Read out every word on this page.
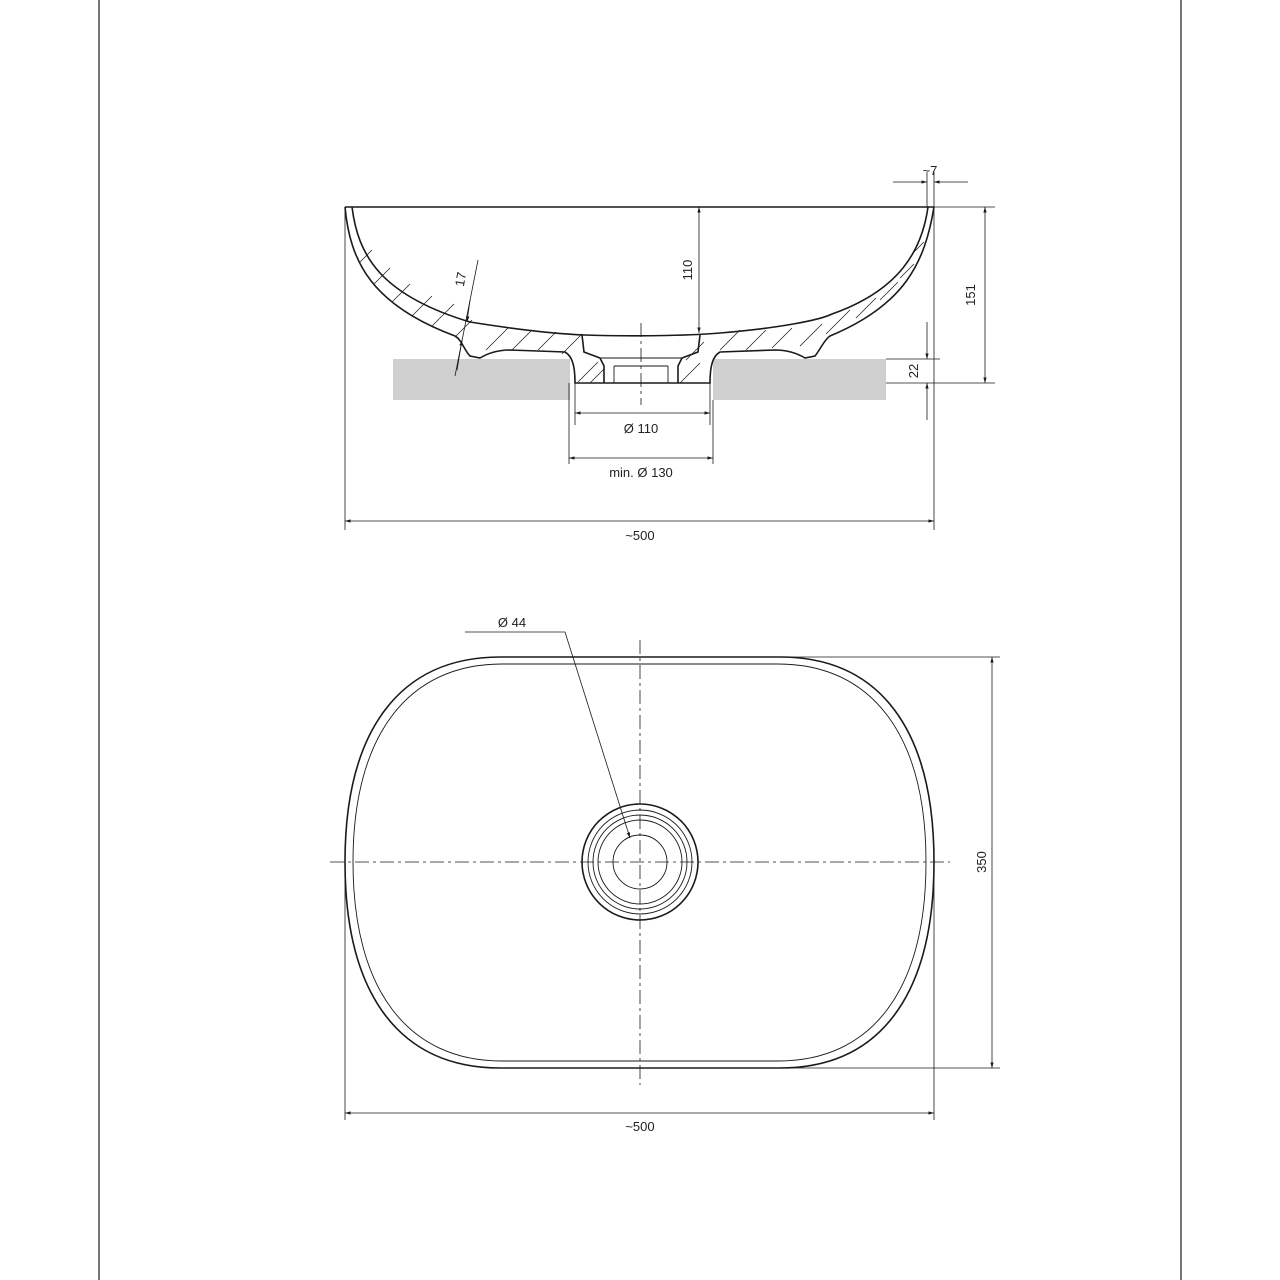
110
151
~7
17
22
Ø 110
min. Ø 130
~500
Ø 44
350
~500
